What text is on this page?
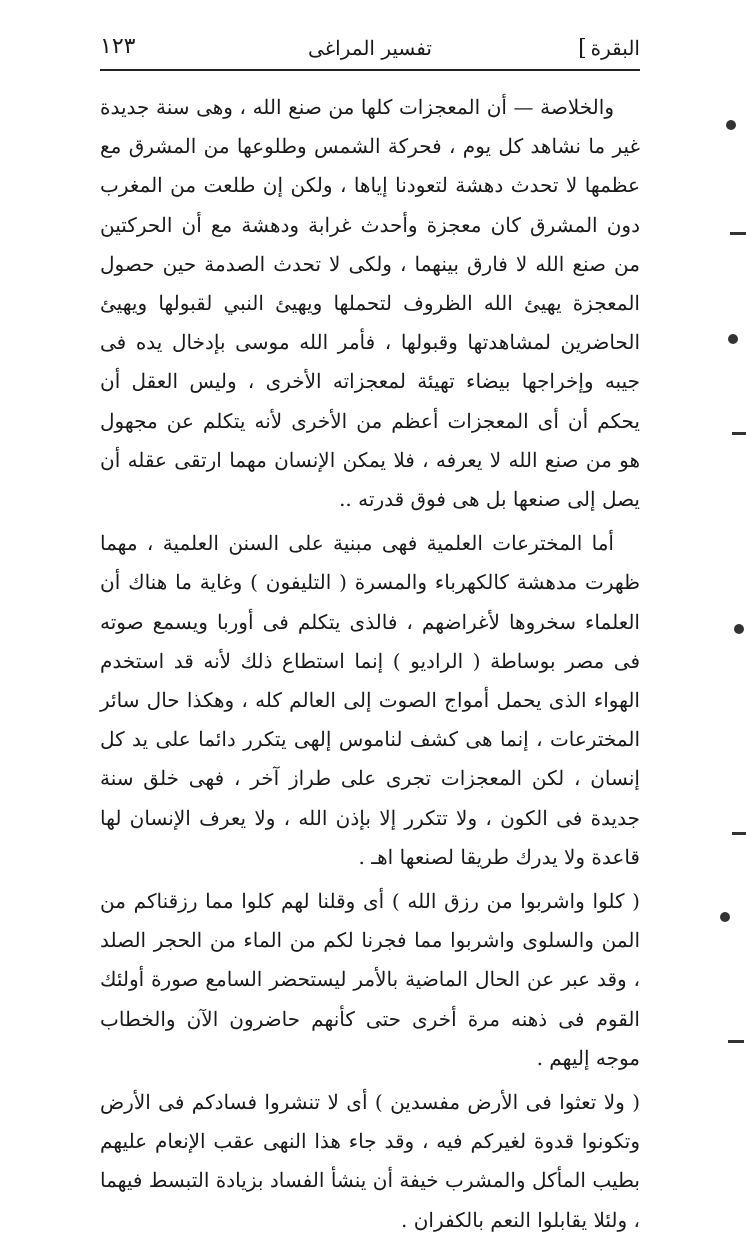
البقرة]
تفسير المراغى
١٢٣

والخلاصة — أن المعجزات كلها من صنع الله ، وهى سنة جديدة غير ما نشاهد كل يوم ، فحركة الشمس وطلوعها من المشرق مع عظمها لا تحدث دهشة لتعودنا إياها ، ولكن إن طلعت من المغرب دون المشرق كان معجزة وأحدث غرابة ودهشة مع أن الحركتين من صنع الله لا فارق بينهما ، ولكى لا تحدث الصدمة حين حصول المعجزة يهيئ الله الظروف لتحملها ويهيئ النبي لقبولها ويهيئ الحاضرين لمشاهدتها وقبولها ، فأمر الله موسى بإدخال يده فى جيبه وإخراجها بيضاء تهيئة لمعجزاته الأخرى ، وليس العقل أن يحكم أن أى المعجزات أعظم من الأخرى لأنه يتكلم عن مجهول هو من صنع الله لا يعرفه ، فلا يمكن الإنسان مهما ارتقى عقله أن يصل إلى صنعها بل هى فوق قدرته ..

أما المخترعات العلمية فهى مبنية على السنن العلمية ، مهما ظهرت مدهشة كالكهرباء والمسرة ( التليفون ) وغاية ما هناك أن العلماء سخروها لأغراضهم ، فالذى يتكلم فى أوربا ويسمع صوته فى مصر بوساطة ( الراديو ) إنما استطاع ذلك لأنه قد استخدم الهواء الذى يحمل أمواج الصوت إلى العالم كله ، وهكذا حال سائر المخترعات ، إنما هى كشف لناموس إلهى يتكرر دائما على يد كل إنسان ، لكن المعجزات تجرى على طراز آخر ، فهى خلق سنة جديدة فى الكون ، ولا تتكرر إلا بإذن الله ، ولا يعرف الإنسان لها قاعدة ولا يدرك طريقا لصنعها اهـ .

( كلوا واشربوا من رزق الله ) أى وقلنا لهم كلوا مما رزقناكم من المن والسلوى واشربوا مما فجرنا لكم من الماء من الحجر الصلد ، وقد عبر عن الحال الماضية بالأمر ليستحضر السامع صورة أولئك القوم فى ذهنه مرة أخرى حتى كأنهم حاضرون الآن والخطاب موجه إليهم .

( ولا تعثوا فى الأرض مفسدين ) أى لا تنشروا فسادكم فى الأرض وتكونوا قدوة لغيركم فيه ، وقد جاء هذا النهى عقب الإنعام عليهم بطيب المأكل والمشرب خيفة أن ينشأ الفساد بزيادة التبسط فيهما ، ولئلا يقابلوا النعم بالكفران .
